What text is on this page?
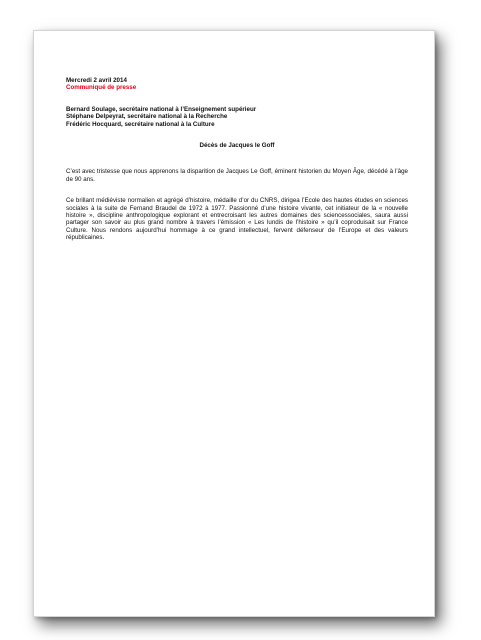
Mercredi 2 avril 2014
Communiqué de presse
Bernard Soulage, secrétaire national à l’Enseignement supérieur
Stéphane Delpeyrat, secrétaire national à la Recherche
Frédéric Hocquard, secrétaire national à la Culture
Décès de Jacques le Goff

C’est avec tristesse que nous apprenons la disparition de Jacques Le Goff, éminent historien du Moyen Âge, décédé à l’âge de 90 ans.

Ce brillant médiéviste normalien et agrégé d’histoire, médaille d’or du CNRS, dirigea l’Ecole des hautes études en sciences sociales à la suite de Fernand Braudel de 1972 à 1977. Passionné d’une histoire vivante, cet initiateur de la « nouvelle histoire », discipline anthropologique explorant et entrecroisant les autres domaines des sciencessociales, saura aussi partager son savoir au plus grand nombre à travers l’émission « Les lundis de l’histoire » qu’il coproduisait sur France Culture. Nous rendons aujourd’hui hommage à ce grand intellectuel, fervent défenseur de l’Europe et des valeurs républicaines.
